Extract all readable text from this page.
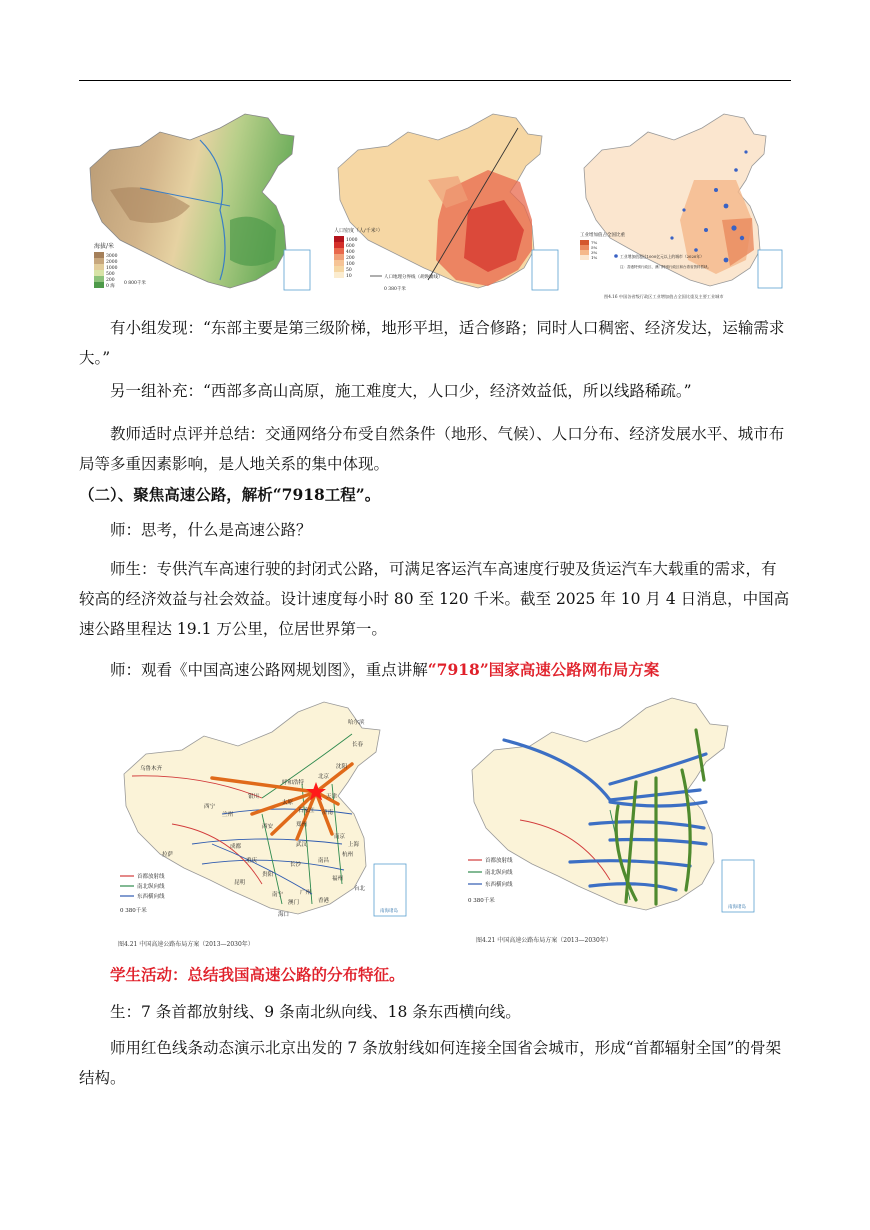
海拔/米
3000
2000
1000
500
200
0 海
0 800千米
人口密度（人/千米²）
1000
600
400
200
100
50
10	人口地理分界线（胡焕庸线）
0 380千米
工业增加值占全国比重
7%
5%
3%
1%	工业增加值超过1000亿元以上的城市（2020年）
注：香港特别行政区、澳门特别行政区和台湾省资料暂缺。
图4.16 中国各省级行政区工业增加值占全国比重及主要工业城市

有小组发现：“东部主要是第三级阶梯，地形平坦，适合修路；同时人口稠密、经济发达，运输需求大。”

另一组补充：“西部多高山高原，施工难度大，人口少，经济效益低，所以线路稀疏。”

教师适时点评并总结：交通网络分布受自然条件（地形、气候）、人口分布、经济发展水平、城市布局等多重因素影响，是人地关系的集中体现。

（二）、聚焦高速公路，解析“7918工程”。

师：思考，什么是高速公路？

师生：专供汽车高速行驶的封闭式公路，可满足客运汽车高速度行驶及货运汽车大载重的需求，有较高的经济效益与社会效益。设计速度每小时 80 至 120 千米。截至 2025 年 10 月 4 日消息，中国高速公路里程达 19.1 万公里，位居世界第一。

师：观看《中国高速公路网规划图》，重点讲解“7918”国家高速公路网布局方案

乌鲁木齐
哈尔滨
长春
沈阳
北京
天津
呼和浩特
太原
石家庄
银川
兰州
西宁
西安	郑州
济南
成都
重庆
武汉
南京
上海
杭州
长沙
南昌
福州
贵阳
昆明
南宁	广州
香港
澳门
海口
拉萨
台北
首都放射线
南北纵向线
东西横向线
0 380千米	南海诸岛
图4.21 中国高速公路布局方案（2013—2030年）
首都放射线
南北纵向线
东西横向线
0 380千米
南海诸岛
图4.21 中国高速公路布局方案（2013—2030年）

学生活动：总结我国高速公路的分布特征。

生：7 条首都放射线、9 条南北纵向线、18 条东西横向线。

师用红色线条动态演示北京出发的 7 条放射线如何连接全国省会城市，形成“首都辐射全国”的骨架结构。
